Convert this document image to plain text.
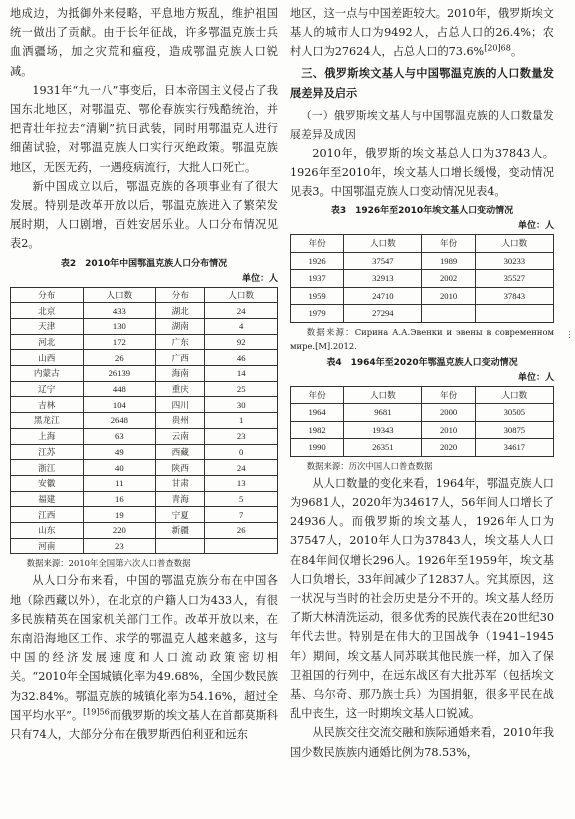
地成边，为抵御外来侵略，平息地方叛乱，维护祖国统一做出了贡献。由于长年征战，许多鄂温克族士兵血洒疆场，加之灾荒和瘟疫，造成鄂温克族人口锐减。

1931年“九一八”事变后，日本帝国主义侵占了我国东北地区，对鄂温克、鄂伦春族实行残酷统治，并把青壮年拉去“清剿”抗日武装，同时用鄂温克人进行细菌试验，对鄂温克族人口实行灭绝政策。鄂温克族地区，无医无药，一遇疫病流行，大批人口死亡。

新中国成立以后，鄂温克族的各项事业有了很大发展。特别是改革开放以后，鄂温克族进入了繁荣发展时期，人口剧增，百姓安居乐业。人口分布情况见表2。

表2　2010年中国鄂温克族人口分布情况
单位：人
分布	人口数	分布	人口数
北京	433	湖北	24
天津	130	湖南	4
河北	172	广东	92
山西	26	广西	46
内蒙古	26139	海南	14
辽宁	448	重庆	25
吉林	104	四川	30
黑龙江	2648	贵州	1
上海	63	云南	23
江苏	49	西藏	0
浙江	40	陕西	24
安徽	11	甘肃	13
福建	16	青海	5
江西	19	宁夏	7
山东	220	新疆	26
河南	23		

数据来源：2010年全国第六次人口普查数据

从人口分布来看，中国的鄂温克族分布在中国各地（除西藏以外），在北京的户籍人口为433人，有很多民族精英在国家机关部门工作。改革开放以来，在东南沿海地区工作、求学的鄂温克人越来越多，这与中国的经济发展速度和人口流动政策密切相关。“2010年全国城镇化率为49.68%，全国少数民族为32.84%。鄂温克族的城镇化率为54.16%，超过全国平均水平”。$^{[19]56}$而俄罗斯的埃文基人在首都莫斯科只有74人，大部分分布在俄罗斯西伯利亚和远东

地区，这一点与中国差距较大。2010年，俄罗斯埃文基人的城市人口为9492人，占总人口的26.4%；农村人口为27624人，占总人口的73.6%$^{[20]68}$。

三、俄罗斯埃文基人与中国鄂温克族的人口数量发展差异及启示

（一）俄罗斯埃文基人与中国鄂温克族的人口数量发展差异及成因

2010年，俄罗斯的埃文基总人口为37843人。1926年至2010年，埃文基人口增长缓慢，变动情况见表3。中国鄂温克族人口变动情况见表4。

表3　1926年至2010年埃文基人口变动情况
单位：人
年份	人口数	年份	人口数
1926	37547	1989	30233
1937	32913	2002	35527
1959	24710	2010	37843
1979	27294		

数据来源：Сирина А.А.Эвенки и эвены в современном мире.[M].2012.

表4　1964年至2020年鄂温克族人口变动情况
单位：人
年份	人口数	年份	人口数
1964	9681	2000	30505
1982	19343	2010	30875
1990	26351	2020	34617

数据来源：历次中国人口普查数据

从人口数量的变化来看，1964年，鄂温克族人口为9681人，2020年为34617人，56年间人口增长了24936人。而俄罗斯的埃文基人，1926年人口为37547人，2010年人口为37843人，埃文基人人口在84年间仅增长296人。1926年至1959年，埃文基人口负增长，33年间减少了12837人。究其原因，这一状况与当时的社会历史是分不开的。埃文基人经历了斯大林清洗运动，很多优秀的民族代表在20世纪30年代去世。特别是在伟大的卫国战争（1941–1945年）期间，埃文基人同苏联其他民族一样，加入了保卫祖国的行列中，在远东战区有大批苏军（包括埃文基、乌尔奇、那乃族士兵）为国捐躯，很多平民在战乱中丧生，这一时期埃文基人口锐减。

从民族交往交流交融和族际通婚来看，2010年我国少数民族族内通婚比例为78.53%，

︙
